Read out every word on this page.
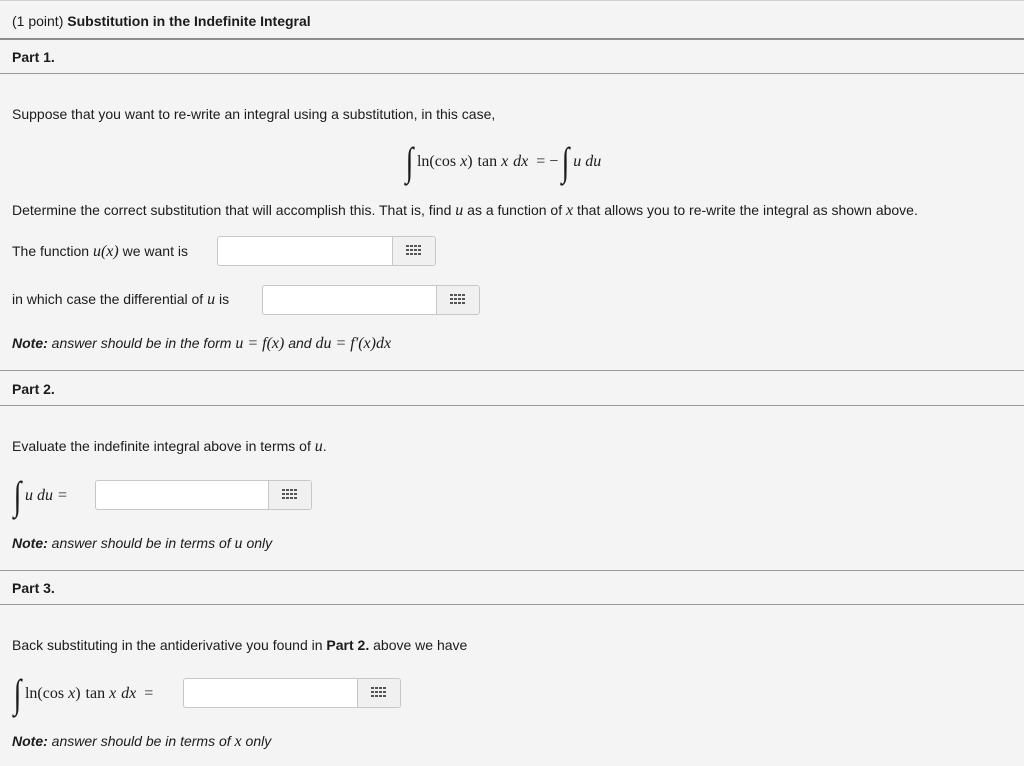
(1 point) Substitution in the Indefinite Integral
Part 1.
Suppose that you want to re-write an integral using a substitution, in this case,
∫ ln(cos x ) tan x dx = − ∫ u du
Determine the correct substitution that will accomplish this. That is, find u as a function of x that allows you to re-write the integral as shown above.
The function u(x) we want is
in which case the differential of u is
Note: answer should be in the form u = f(x) and du = f′(x)dx
Part 2.
Evaluate the indefinite integral above in terms of u.
∫ u du =
Note: answer should be in terms of u only
Part 3.
Back substituting in the antiderivative you found in Part 2. above we have
∫ ln(cos x ) tan x dx =
Note: answer should be in terms of x only
